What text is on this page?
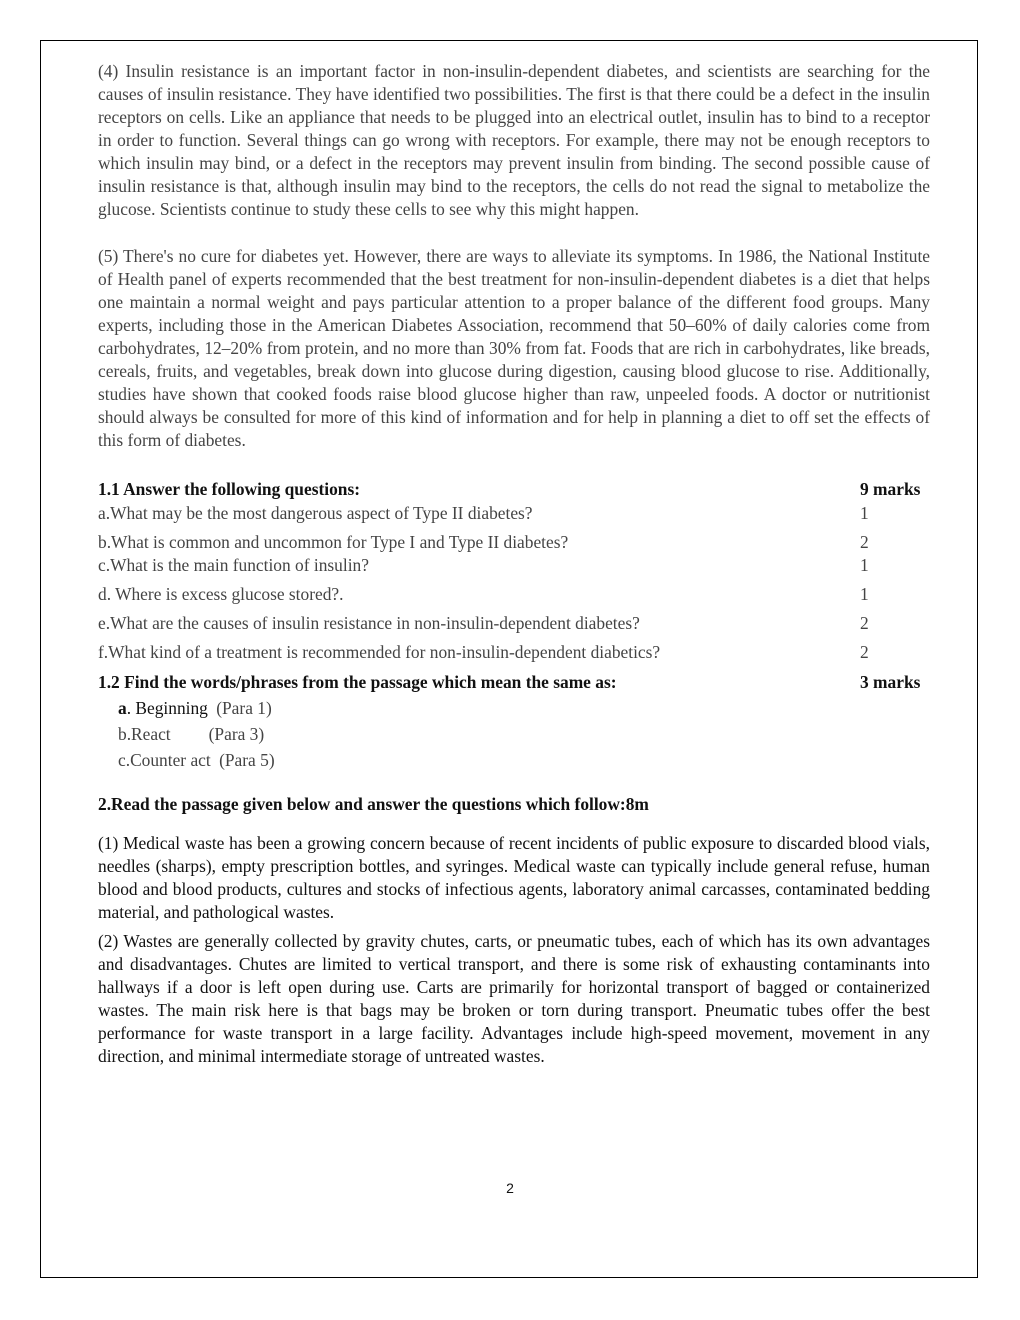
(4) Insulin resistance is an important factor in non-insulin-dependent diabetes, and scientists are searching for the causes of insulin resistance. They have identified two possibilities. The first is that there could be a defect in the insulin receptors on cells. Like an appliance that needs to be plugged into an electrical outlet, insulin has to bind to a receptor in order to function. Several things can go wrong with receptors. For example, there may not be enough receptors to which insulin may bind, or a defect in the receptors may prevent insulin from binding. The second possible cause of insulin resistance is that, although insulin may bind to the receptors, the cells do not read the signal to metabolize the glucose. Scientists continue to study these cells to see why this might happen.

(5) There's no cure for diabetes yet. However, there are ways to alleviate its symptoms. In 1986, the National Institute of Health panel of experts recommended that the best treatment for non-insulin-dependent diabetes is a diet that helps one maintain a normal weight and pays particular attention to a proper balance of the different food groups. Many experts, including those in the American Diabetes Association, recommend that 50–60% of daily calories come from carbohydrates, 12–20% from protein, and no more than 30% from fat. Foods that are rich in carbohydrates, like breads, cereals, fruits, and vegetables, break down into glucose during digestion, causing blood glucose to rise. Additionally, studies have shown that cooked foods raise blood glucose higher than raw, unpeeled foods. A doctor or nutritionist should always be consulted for more of this kind of information and for help in planning a diet to off set the effects of this form of diabetes.

1.1 Answer the following questions:	9 marks
a.What may be the most dangerous aspect of Type II diabetes?	1
b.What is common and uncommon for Type I and Type II diabetes?	2
c.What is the main function of insulin?	1
d. Where is excess glucose stored?.	1
e.What are the causes of insulin resistance in non-insulin-dependent diabetes?	2
f.What kind of a treatment is recommended for non-insulin-dependent diabetics?	2
1.2 Find the words/phrases from the passage which mean the same as:	3 marks
a. Beginning (Para 1)
b.React (Para 3)
c.Counter act (Para 5)
2.Read the passage given below and answer the questions which follow:8m

(1) Medical waste has been a growing concern because of recent incidents of public exposure to discarded blood vials, needles (sharps), empty prescription bottles, and syringes. Medical waste can typically include general refuse, human blood and blood products, cultures and stocks of infectious agents, laboratory animal carcasses, contaminated bedding material, and pathological wastes.

(2) Wastes are generally collected by gravity chutes, carts, or pneumatic tubes, each of which has its own advantages and disadvantages. Chutes are limited to vertical transport, and there is some risk of exhausting contaminants into hallways if a door is left open during use. Carts are primarily for horizontal transport of bagged or containerized wastes. The main risk here is that bags may be broken or torn during transport. Pneumatic tubes offer the best performance for waste transport in a large facility. Advantages include high-speed movement, movement in any direction, and minimal intermediate storage of untreated wastes.

2
